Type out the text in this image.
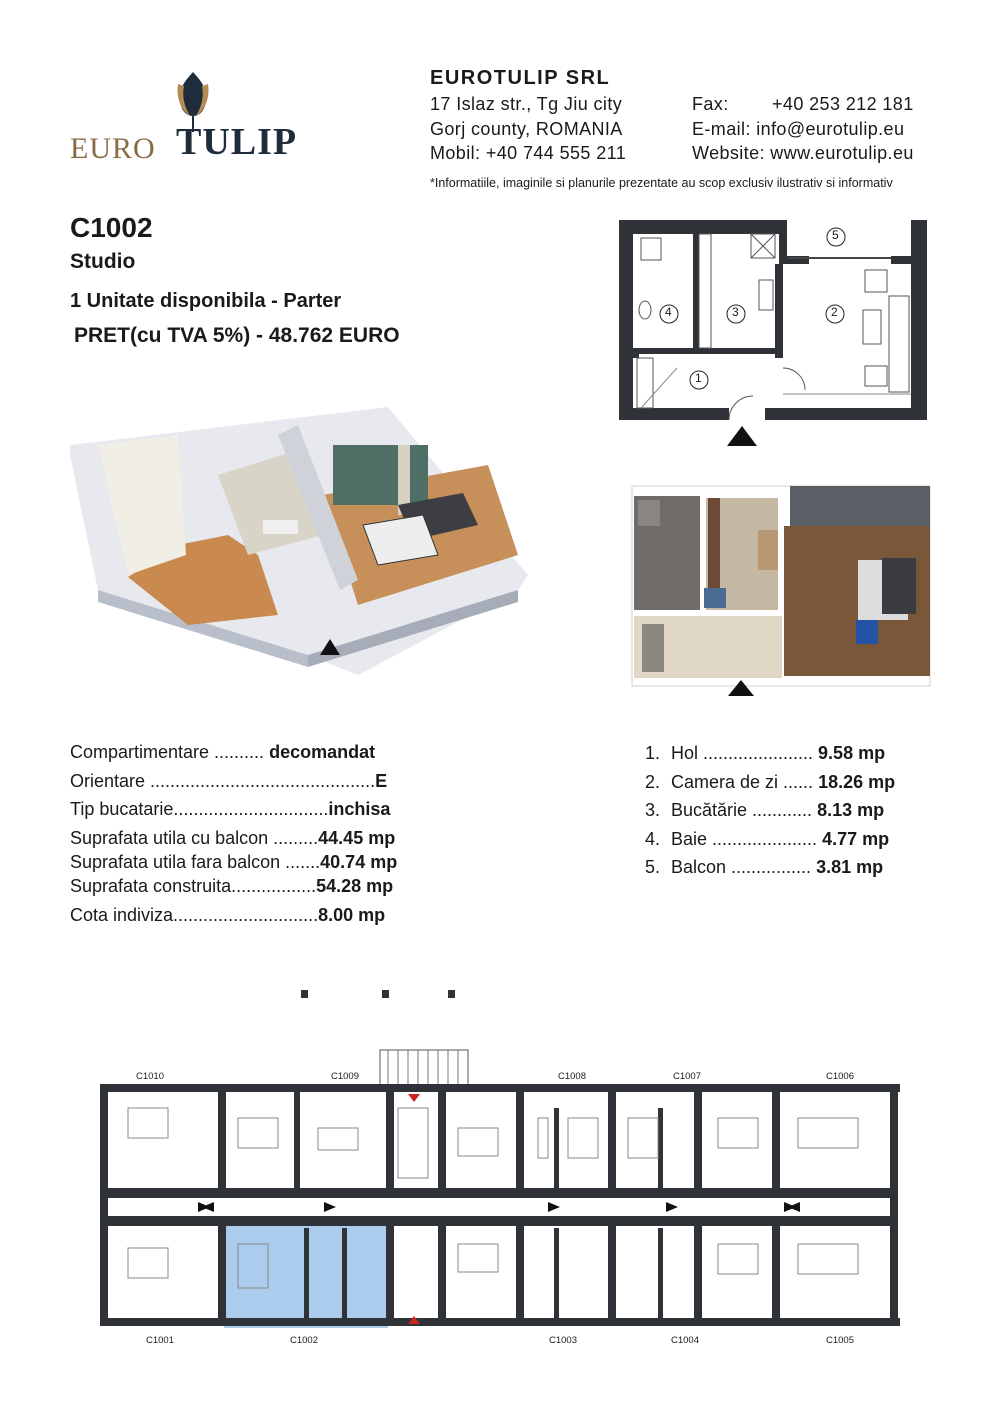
EURO TULIP
EUROTULIP SRL
17 Islaz str., Tg Jiu city
Gorj county, ROMANIA
Mobil: +40 744 555 211
Fax: +40 253 212 181
E-mail: info@eurotulip.eu
Website: www.eurotulip.eu
*Informatiile, imaginile si planurile prezentate au scop exclusiv ilustrativ si informativ
C1002
Studio
1 Unitate disponibila - Parter
PRET(cu TVA 5%) - 48.762 EURO
1
2
3
4
5
Compartimentare .......... decomandat
Orientare .............................................E
Tip bucatarie...............................inchisa
Suprafata utila cu balcon .........44.45 mp
Suprafata utila fara balcon .......40.74 mp
Suprafata construita.................54.28 mp
Cota indiviza.............................8.00 mp
1. Hol ...................... 9.58 mp
2. Camera de zi ...... 18.26 mp
3. Bucătărie ............ 8.13 mp
4. Baie ..................... 4.77 mp
5. Balcon ................ 3.81 mp
C1010	C1009	C1008	C1007	C1006
C1001	C1002	C1003	C1004	C1005
